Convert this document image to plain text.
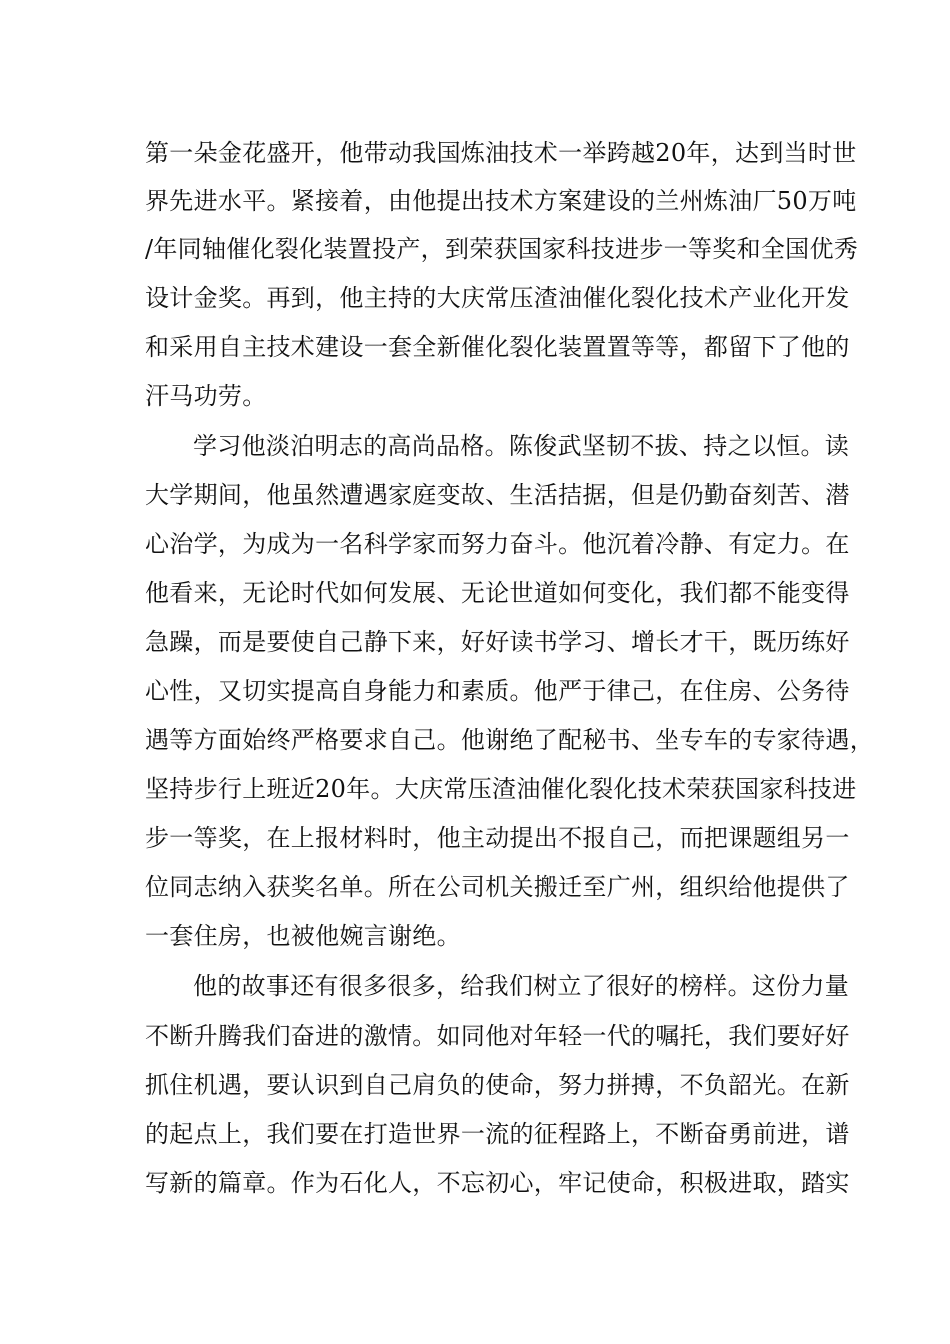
第一朵金花盛开，他带动我国炼油技术一举跨越20年，达到当时世
界先进水平。紧接着，由他提出技术方案建设的兰州炼油厂50万吨
/年同轴催化裂化装置投产，到荣获国家科技进步一等奖和全国优秀
设计金奖。再到，他主持的大庆常压渣油催化裂化技术产业化开发
和采用自主技术建设一套全新催化裂化装置置等等，都留下了他的
汗马功劳。
学习他淡泊明志的高尚品格。陈俊武坚韧不拔、持之以恒。读
大学期间，他虽然遭遇家庭变故、生活拮据，但是仍勤奋刻苦、潜
心治学，为成为一名科学家而努力奋斗。他沉着冷静、有定力。在
他看来，无论时代如何发展、无论世道如何变化，我们都不能变得
急躁，而是要使自己静下来，好好读书学习、增长才干，既历练好
心性，又切实提高自身能力和素质。他严于律己，在住房、公务待
遇等方面始终严格要求自己。他谢绝了配秘书、坐专车的专家待遇，
坚持步行上班近20年。大庆常压渣油催化裂化技术荣获国家科技进
步一等奖，在上报材料时，他主动提出不报自己，而把课题组另一
位同志纳入获奖名单。所在公司机关搬迁至广州，组织给他提供了
一套住房，也被他婉言谢绝。
他的故事还有很多很多，给我们树立了很好的榜样。这份力量
不断升腾我们奋进的激情。如同他对年轻一代的嘱托，我们要好好
抓住机遇，要认识到自己肩负的使命，努力拼搏，不负韶光。在新
的起点上，我们要在打造世界一流的征程路上，不断奋勇前进，谱
写新的篇章。作为石化人，不忘初心，牢记使命，积极进取，踏实
